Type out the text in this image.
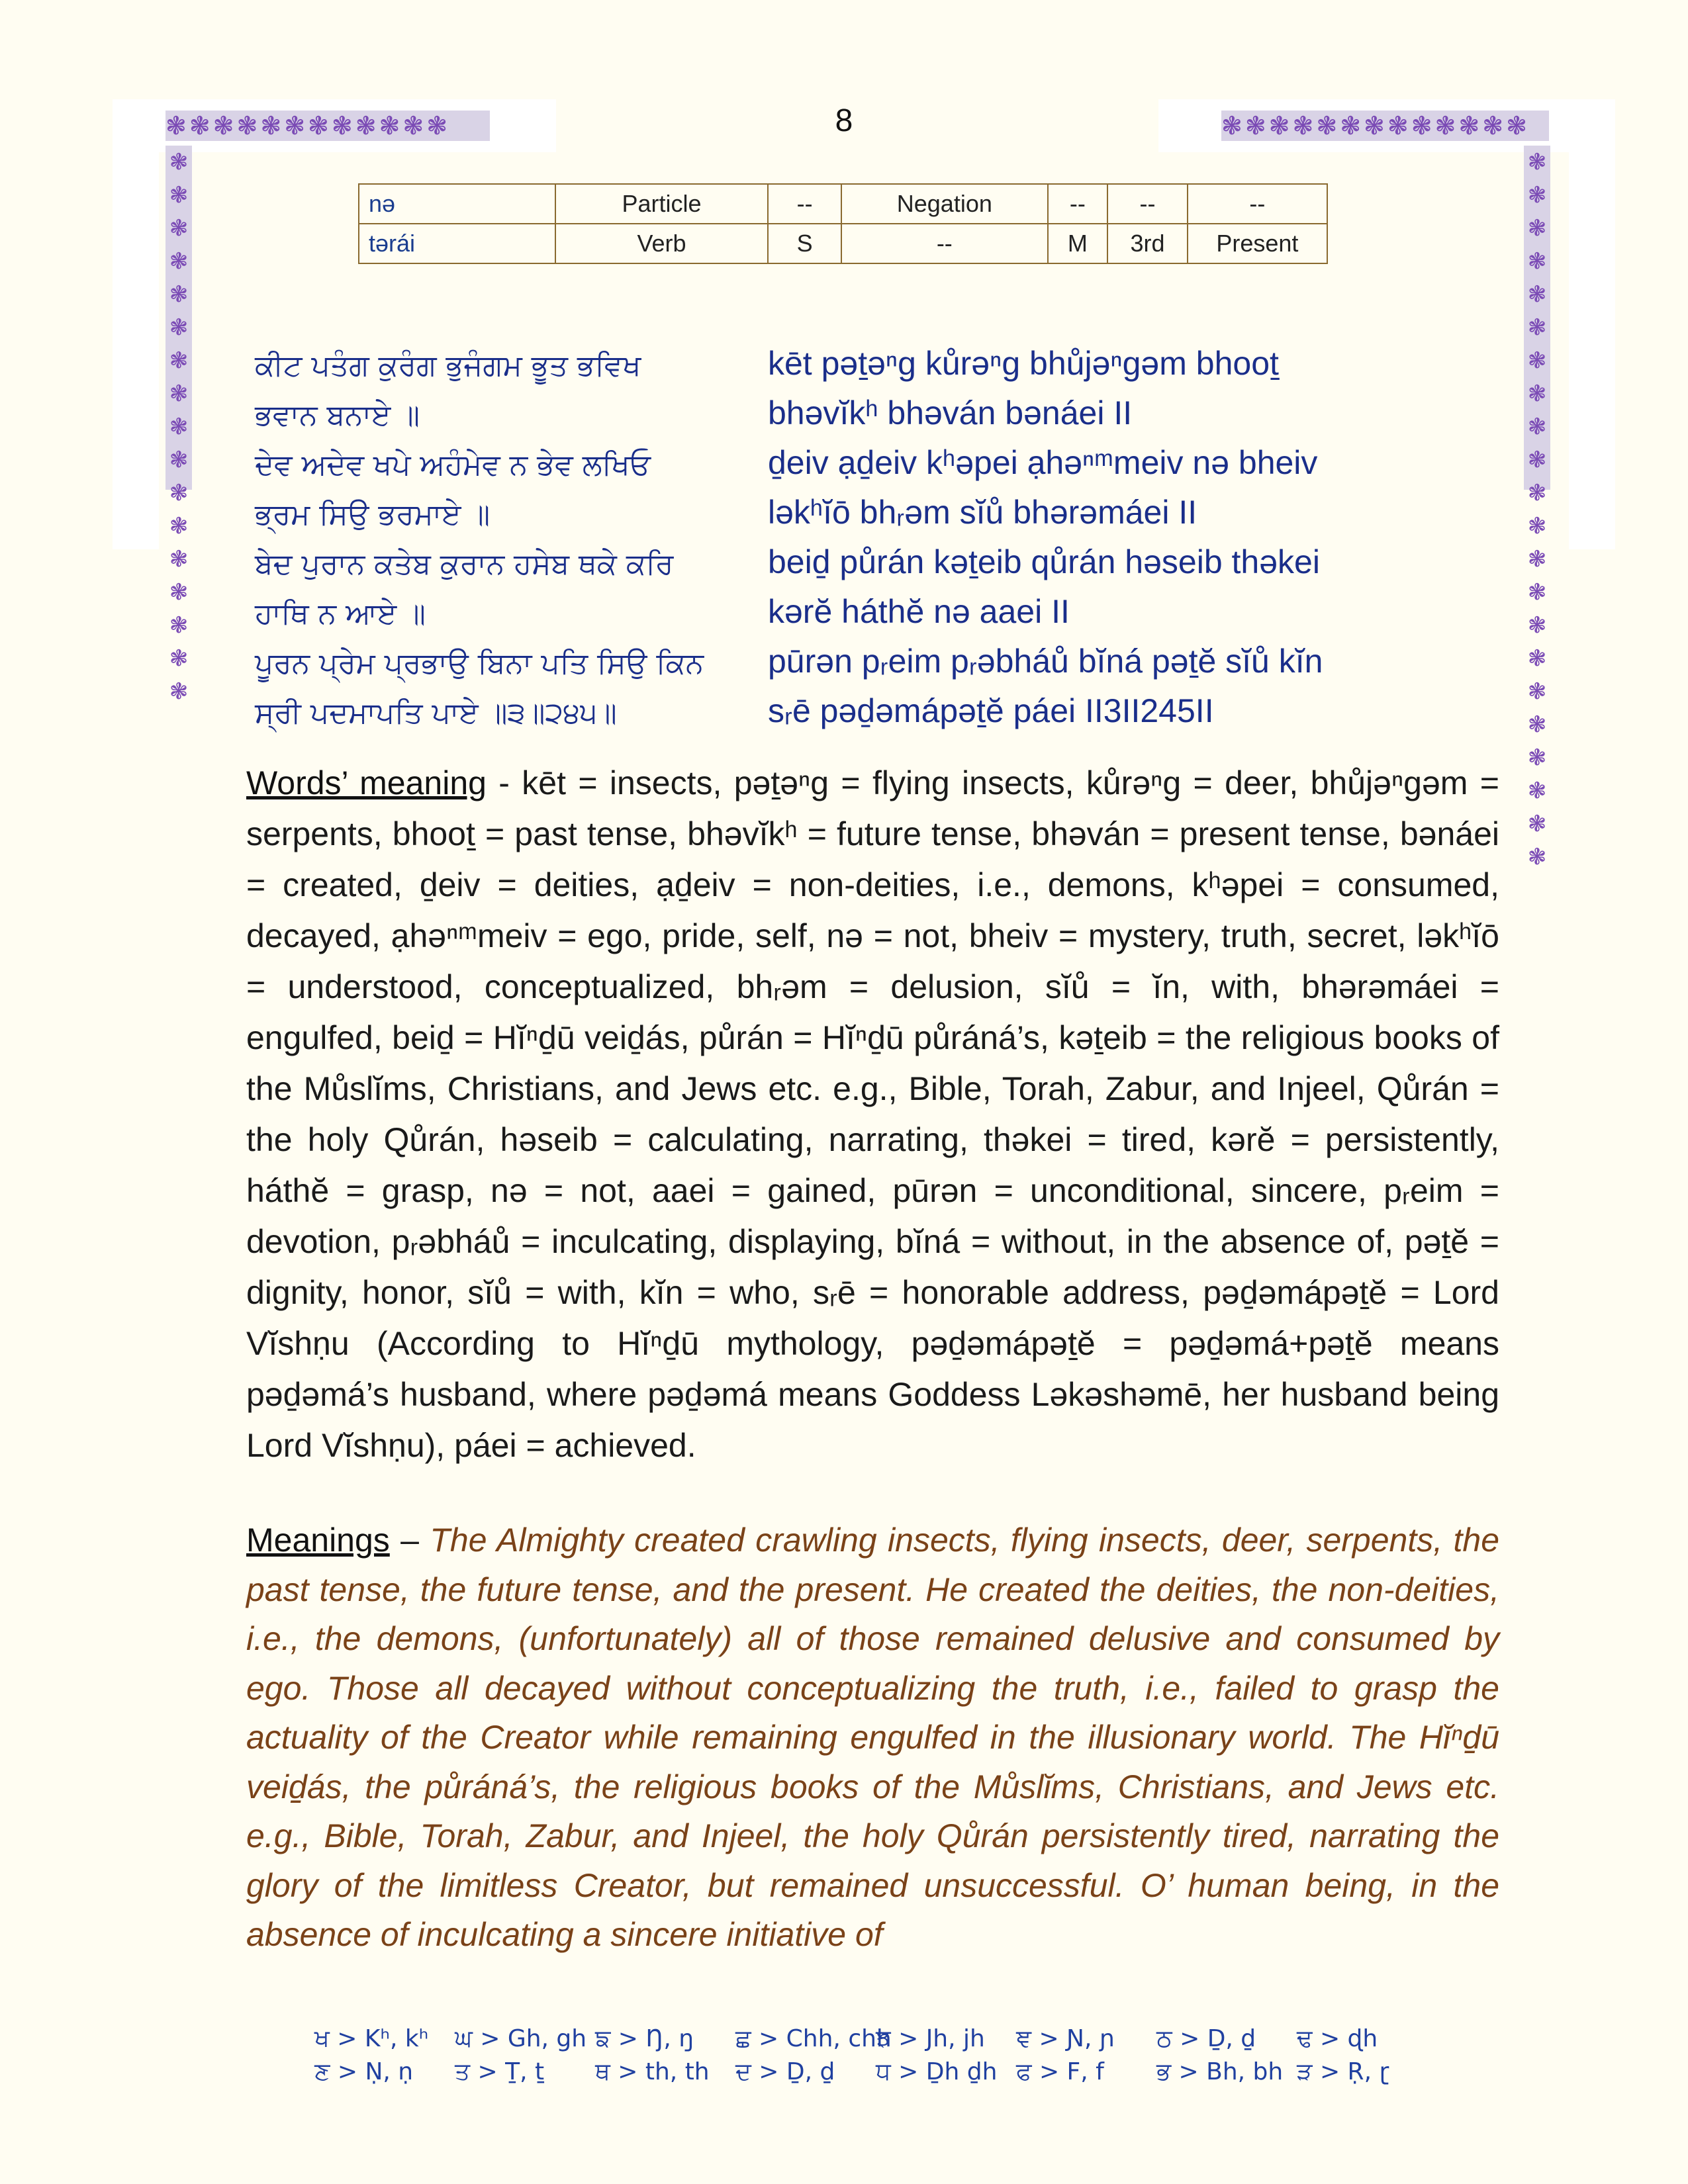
❃❃❃❃❃❃❃❃❃❃❃❃	❃❃❃❃❃❃❃❃❃❃❃❃❃
❃❃❃❃❃❃❃❃❃❃❃❃❃❃❃❃❃
❃❃❃❃❃❃❃❃❃❃❃❃❃❃❃❃❃❃❃❃❃❃
8
nə	Particle	--	Negation	--	--	--
tərái	Verb	S	--	M	3rd	Present
ਕੀਟ ਪਤੰਗ ਕੁਰੰਗ ਭੁਜੰਗਮ ਭੂਤ ਭਵਿਖ
ਭਵਾਨ ਬਨਾਏ ॥
ਦੇਵ ਅਦੇਵ ਖਪੇ ਅਹੰਮੇਵ ਨ ਭੇਵ ਲਖਿਓ
ਭ੍ਰਮ ਸਿਉ ਭਰਮਾਏ ॥
ਬੇਦ ਪੁਰਾਨ ਕਤੇਬ ਕੁਰਾਨ ਹਸੇਬ ਥਕੇ ਕਰਿ
ਹਾਥਿ ਨ ਆਏ ॥
ਪੂਰਨ ਪ੍ਰੇਮ ਪ੍ਰਭਾਉ ਬਿਨਾ ਪਤਿ ਸਿਉ ਕਿਨ
ਸ੍ਰੀ ਪਦਮਾਪਤਿ ਪਾਏ ॥੩॥੨੪੫॥
kēt pəṯəⁿg kůrəⁿg bhůjəⁿgəm bhooṯ
bhəvĭkʰ bhəván bənáei II
ḏeiv ạḏeiv kʰəpei ạhəⁿᵐmeiv nə bheiv
ləkʰĭō bhᵣəm sĭů bhərəmáei II
beiḏ půrán kəṯeib qůrán həseib thəkei
kərĕ háthĕ nə aaei II
pūrən pᵣeim pᵣəbháů bĭná pəṯĕ sĭů kĭn
sᵣē pəḏəmápəṯĕ páei II3II245II
Words’ meaning - kēt = insects, pəṯəⁿg = flying insects, kůrəⁿg = deer, bhůjəⁿgəm = serpents, bhooṯ = past tense, bhəvĭkʰ = future tense, bhəván = present tense, bənáei = created, ḏeiv = deities, ạḏeiv = non-deities, i.e., demons, kʰəpei = consumed, decayed, ạhəⁿᵐmeiv = ego, pride, self, nə = not, bheiv = mystery, truth, secret, ləkʰĭō = understood, conceptualized, bhᵣəm = delusion, sĭů = ĭn, with, bhərəmáei = engulfed, beiḏ = Hĭⁿḏū veiḏás, půrán = Hĭⁿḏū půráná’s, kəṯeib = the religious books of the Můslĭms, Christians, and Jews etc. e.g., Bible, Torah, Zabur, and Injeel, Qůrán = the holy Qůrán, həseib = calculating, narrating, thəkei = tired, kərĕ = persistently, háthĕ = grasp, nə = not, aaei = gained, pūrən = unconditional, sincere, pᵣeim = devotion, pᵣəbháů = inculcating, displaying, bĭná = without, in the absence of, pəṯĕ = dignity, honor, sĭů = with, kĭn = who, sᵣē = honorable address, pəḏəmápəṯĕ = Lord Vĭshṇu (According to Hĭⁿḏū mythology, pəḏəmápəṯĕ = pəḏəmá+pəṯĕ means pəḏəmá’s husband, where pəḏəmá means Goddess Ləkəshəmē, her husband being Lord Vĭshṇu), páei = achieved.
Meanings – The Almighty created crawling insects, flying insects, deer, serpents, the past tense, the future tense, and the present. He created the deities, the non-deities, i.e., the demons, (unfortunately) all of those remained delusive and consumed by ego. Those all decayed without conceptualizing the truth, i.e., failed to grasp the actuality of the Creator while remaining engulfed in the illusionary world. The Hĭⁿḏū veiḏás, the půráná’s, the religious books of the Můslĭms, Christians, and Jews etc. e.g., Bible, Torah, Zabur, and Injeel, the holy Qůrán persistently tired, narrating the glory of the limitless Creator, but remained unsuccessful. O’ human being, in the absence of inculcating a sincere initiative of
ਖ > Kʰ, kʰ	ਘ > Gh, gh ਙ > Ŋ, ŋ	ਛ > Chh, chh
ਝ > Jh, jh	ਞ > Ɲ, ɲ	ਠ > Ḏ, ḏ	ਢ > ɖh
ਣ > Ṇ, ṇ	ਤ > Ṯ, ṯ	ਥ > th, th	ਦ > Ḏ, ḏ	ਧ > Ḏh ḏh ਫ > F, f	ਭ > Bh, bh ੜ > Ṛ, ɽ
